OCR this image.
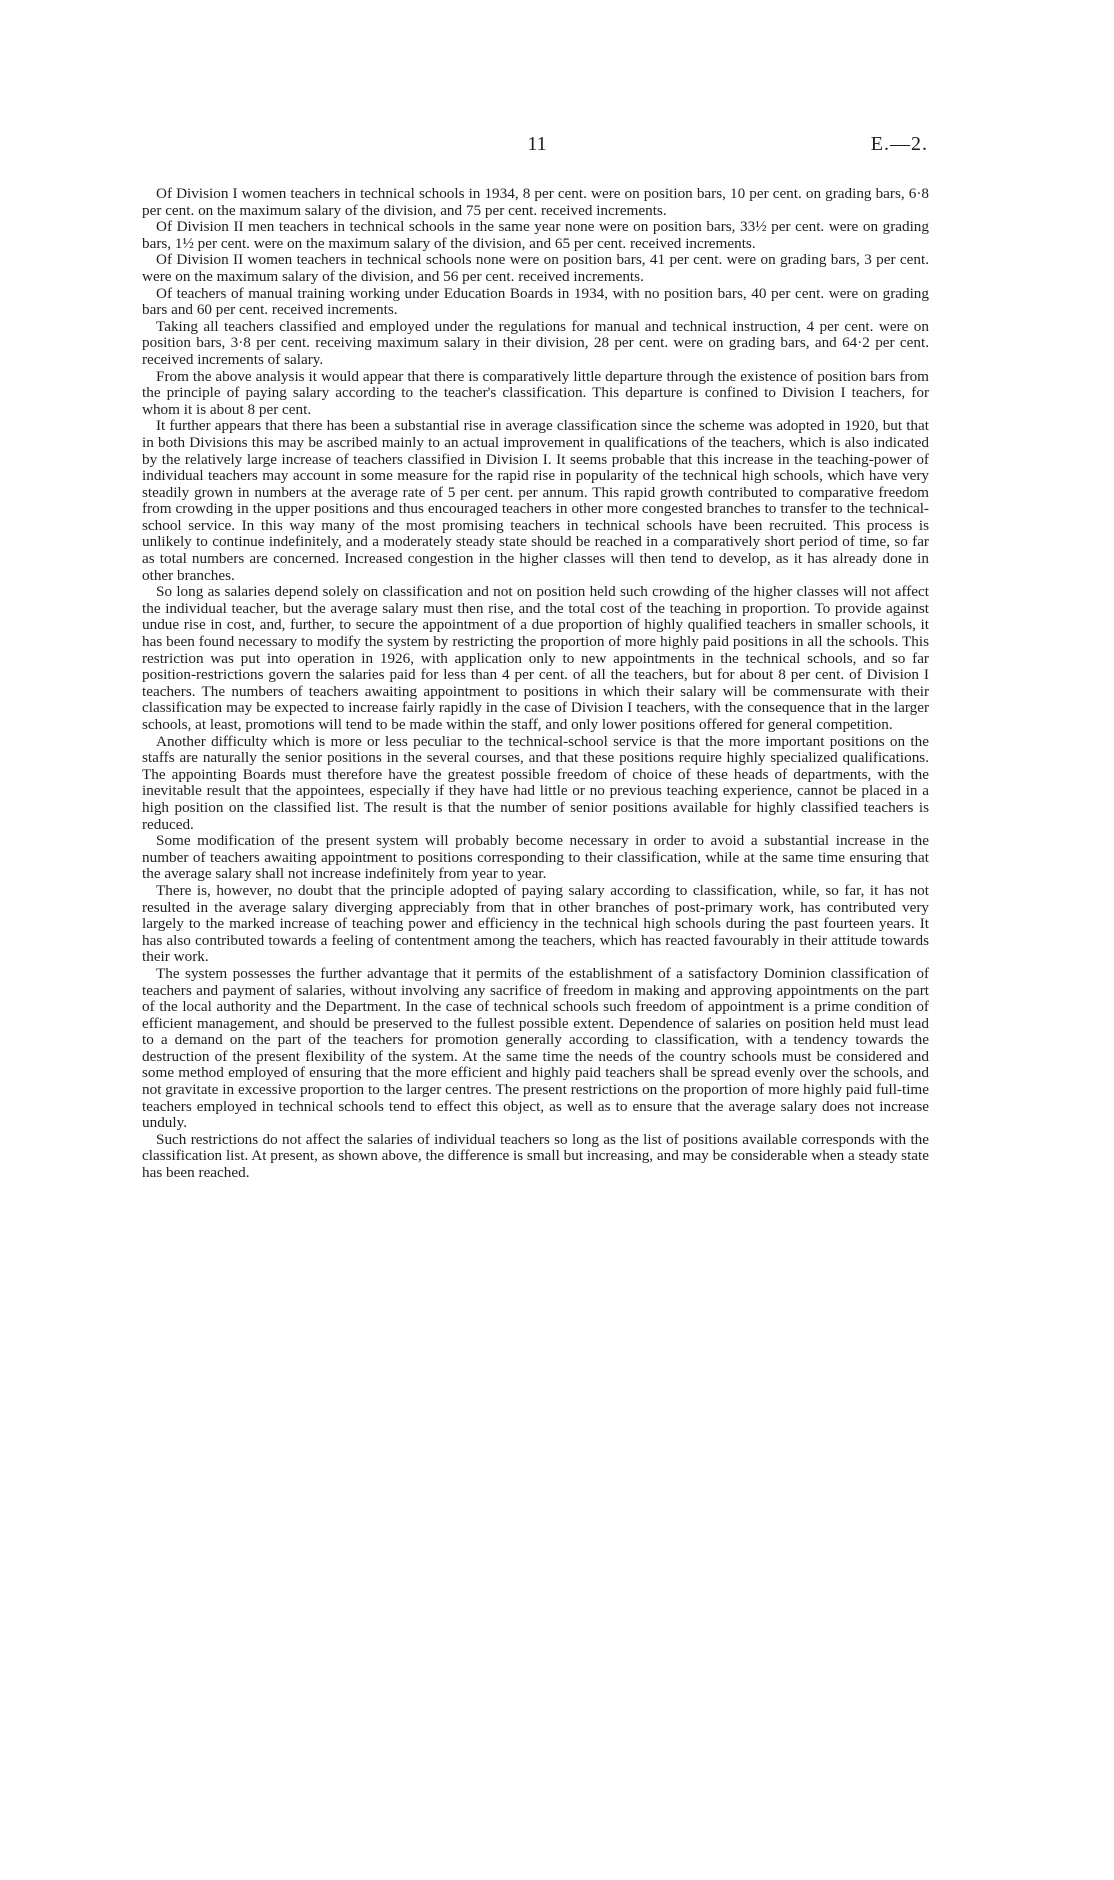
11	E.—2.

Of Division I women teachers in technical schools in 1934, 8 per cent. were on position bars, 10 per cent. on grading bars, 6·8 per cent. on the maximum salary of the division, and 75 per cent. received increments.

Of Division II men teachers in technical schools in the same year none were on position bars, 33½ per cent. were on grading bars, 1½ per cent. were on the maximum salary of the division, and 65 per cent. received increments.

Of Division II women teachers in technical schools none were on position bars, 41 per cent. were on grading bars, 3 per cent. were on the maximum salary of the division, and 56 per cent. received increments.

Of teachers of manual training working under Education Boards in 1934, with no position bars, 40 per cent. were on grading bars and 60 per cent. received increments.

Taking all teachers classified and employed under the regulations for manual and technical instruction, 4 per cent. were on position bars, 3·8 per cent. receiving maximum salary in their division, 28 per cent. were on grading bars, and 64·2 per cent. received increments of salary.

From the above analysis it would appear that there is comparatively little departure through the existence of position bars from the principle of paying salary according to the teacher's classification. This departure is confined to Division I teachers, for whom it is about 8 per cent.

It further appears that there has been a substantial rise in average classification since the scheme was adopted in 1920, but that in both Divisions this may be ascribed mainly to an actual improvement in qualifications of the teachers, which is also indicated by the relatively large increase of teachers classified in Division I. It seems probable that this increase in the teaching-power of individual teachers may account in some measure for the rapid rise in popularity of the technical high schools, which have very steadily grown in numbers at the average rate of 5 per cent. per annum. This rapid growth contributed to comparative freedom from crowding in the upper positions and thus encouraged teachers in other more congested branches to transfer to the technical-school service. In this way many of the most promising teachers in technical schools have been recruited. This process is unlikely to continue indefinitely, and a moderately steady state should be reached in a comparatively short period of time, so far as total numbers are concerned. Increased congestion in the higher classes will then tend to develop, as it has already done in other branches.

So long as salaries depend solely on classification and not on position held such crowding of the higher classes will not affect the individual teacher, but the average salary must then rise, and the total cost of the teaching in proportion. To provide against undue rise in cost, and, further, to secure the appointment of a due proportion of highly qualified teachers in smaller schools, it has been found necessary to modify the system by restricting the proportion of more highly paid positions in all the schools. This restriction was put into operation in 1926, with application only to new appointments in the technical schools, and so far position-restrictions govern the salaries paid for less than 4 per cent. of all the teachers, but for about 8 per cent. of Division I teachers. The numbers of teachers awaiting appointment to positions in which their salary will be commensurate with their classification may be expected to increase fairly rapidly in the case of Division I teachers, with the consequence that in the larger schools, at least, promotions will tend to be made within the staff, and only lower positions offered for general competition.

Another difficulty which is more or less peculiar to the technical-school service is that the more important positions on the staffs are naturally the senior positions in the several courses, and that these positions require highly specialized qualifications. The appointing Boards must therefore have the greatest possible freedom of choice of these heads of departments, with the inevitable result that the appointees, especially if they have had little or no previous teaching experience, cannot be placed in a high position on the classified list. The result is that the number of senior positions available for highly classified teachers is reduced.

Some modification of the present system will probably become necessary in order to avoid a substantial increase in the number of teachers awaiting appointment to positions corresponding to their classification, while at the same time ensuring that the average salary shall not increase indefinitely from year to year.

There is, however, no doubt that the principle adopted of paying salary according to classification, while, so far, it has not resulted in the average salary diverging appreciably from that in other branches of post-primary work, has contributed very largely to the marked increase of teaching power and efficiency in the technical high schools during the past fourteen years. It has also contributed towards a feeling of contentment among the teachers, which has reacted favourably in their attitude towards their work.

The system possesses the further advantage that it permits of the establishment of a satisfactory Dominion classification of teachers and payment of salaries, without involving any sacrifice of freedom in making and approving appointments on the part of the local authority and the Department. In the case of technical schools such freedom of appointment is a prime condition of efficient management, and should be preserved to the fullest possible extent. Dependence of salaries on position held must lead to a demand on the part of the teachers for promotion generally according to classification, with a tendency towards the destruction of the present flexibility of the system. At the same time the needs of the country schools must be considered and some method employed of ensuring that the more efficient and highly paid teachers shall be spread evenly over the schools, and not gravitate in excessive proportion to the larger centres. The present restrictions on the proportion of more highly paid full-time teachers employed in technical schools tend to effect this object, as well as to ensure that the average salary does not increase unduly.

Such restrictions do not affect the salaries of individual teachers so long as the list of positions available corresponds with the classification list. At present, as shown above, the difference is small but increasing, and may be considerable when a steady state has been reached.
